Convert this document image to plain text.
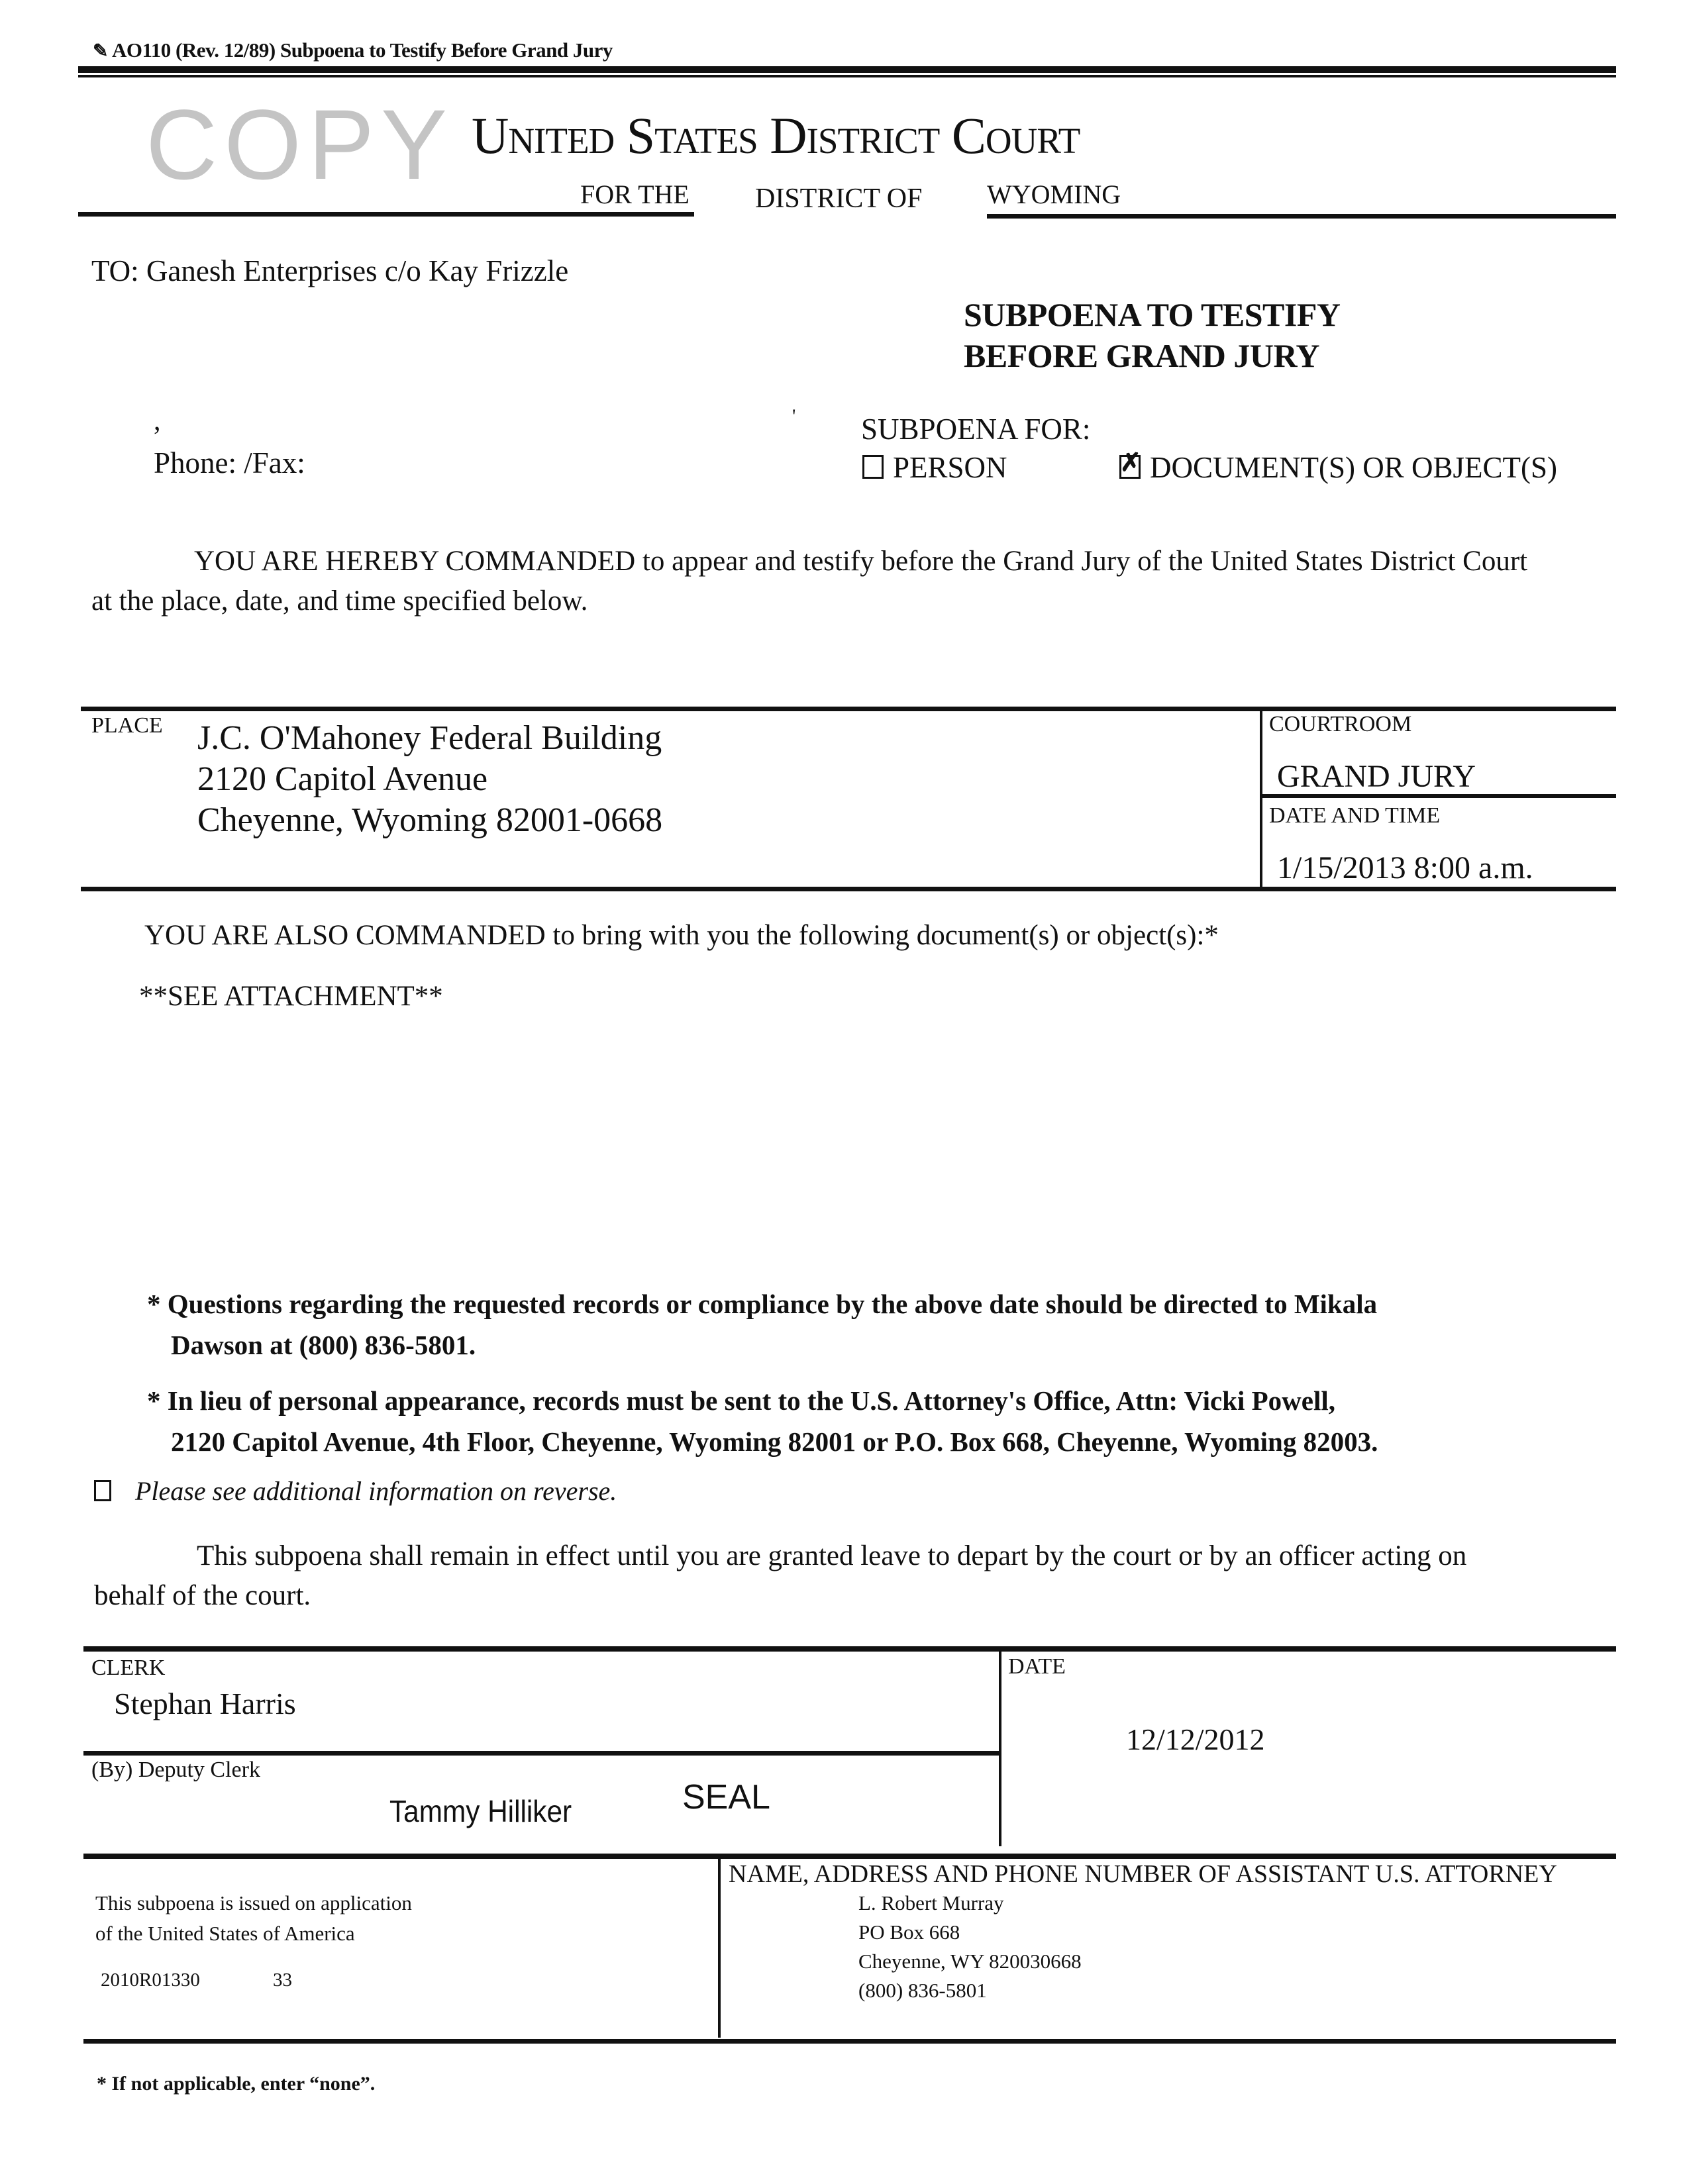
✎ AO110 (Rev. 12/89) Subpoena to Testify Before Grand Jury
COPY United States District Court
FOR THE DISTRICT OF WYOMING
TO: Ganesh Enterprises c/o Kay Frizzle
SUBPOENA TO TESTIFY
BEFORE GRAND JURY
,	'
Phone: /Fax:
SUBPOENA FOR:
PERSON ✗	DOCUMENT(S) OR OBJECT(S)
YOU ARE HEREBY COMMANDED to appear and testify before the Grand Jury of the United States District Court
at the place, date, and time specified below.
PLACE J.C. O'Mahoney Federal Building
2120 Capitol Avenue
Cheyenne, Wyoming 82001-0668
COURTROOM
GRAND JURY
DATE AND TIME
1/15/2013 8:00 a.m.
YOU ARE ALSO COMMANDED to bring with you the following document(s) or object(s):*
**SEE ATTACHMENT**
* Questions regarding the requested records or compliance by the above date should be directed to Mikala
Dawson at (800) 836-5801.
* In lieu of personal appearance, records must be sent to the U.S. Attorney's Office, Attn: Vicki Powell,
2120 Capitol Avenue, 4th Floor, Cheyenne, Wyoming 82001 or P.O. Box 668, Cheyenne, Wyoming 82003.
Please see additional information on reverse.
This subpoena shall remain in effect until you are granted leave to depart by the court or by an officer acting on
behalf of the court.
CLERK
Stephan Harris
DATE
12/12/2012
(By) Deputy Clerk
Tammy Hilliker	SEAL
This subpoena is issued on application
of the United States of America
2010R01330	33
NAME, ADDRESS AND PHONE NUMBER OF ASSISTANT U.S. ATTORNEY
L. Robert Murray
PO Box 668
Cheyenne, WY 820030668
(800) 836-5801
* If not applicable, enter “none”.
